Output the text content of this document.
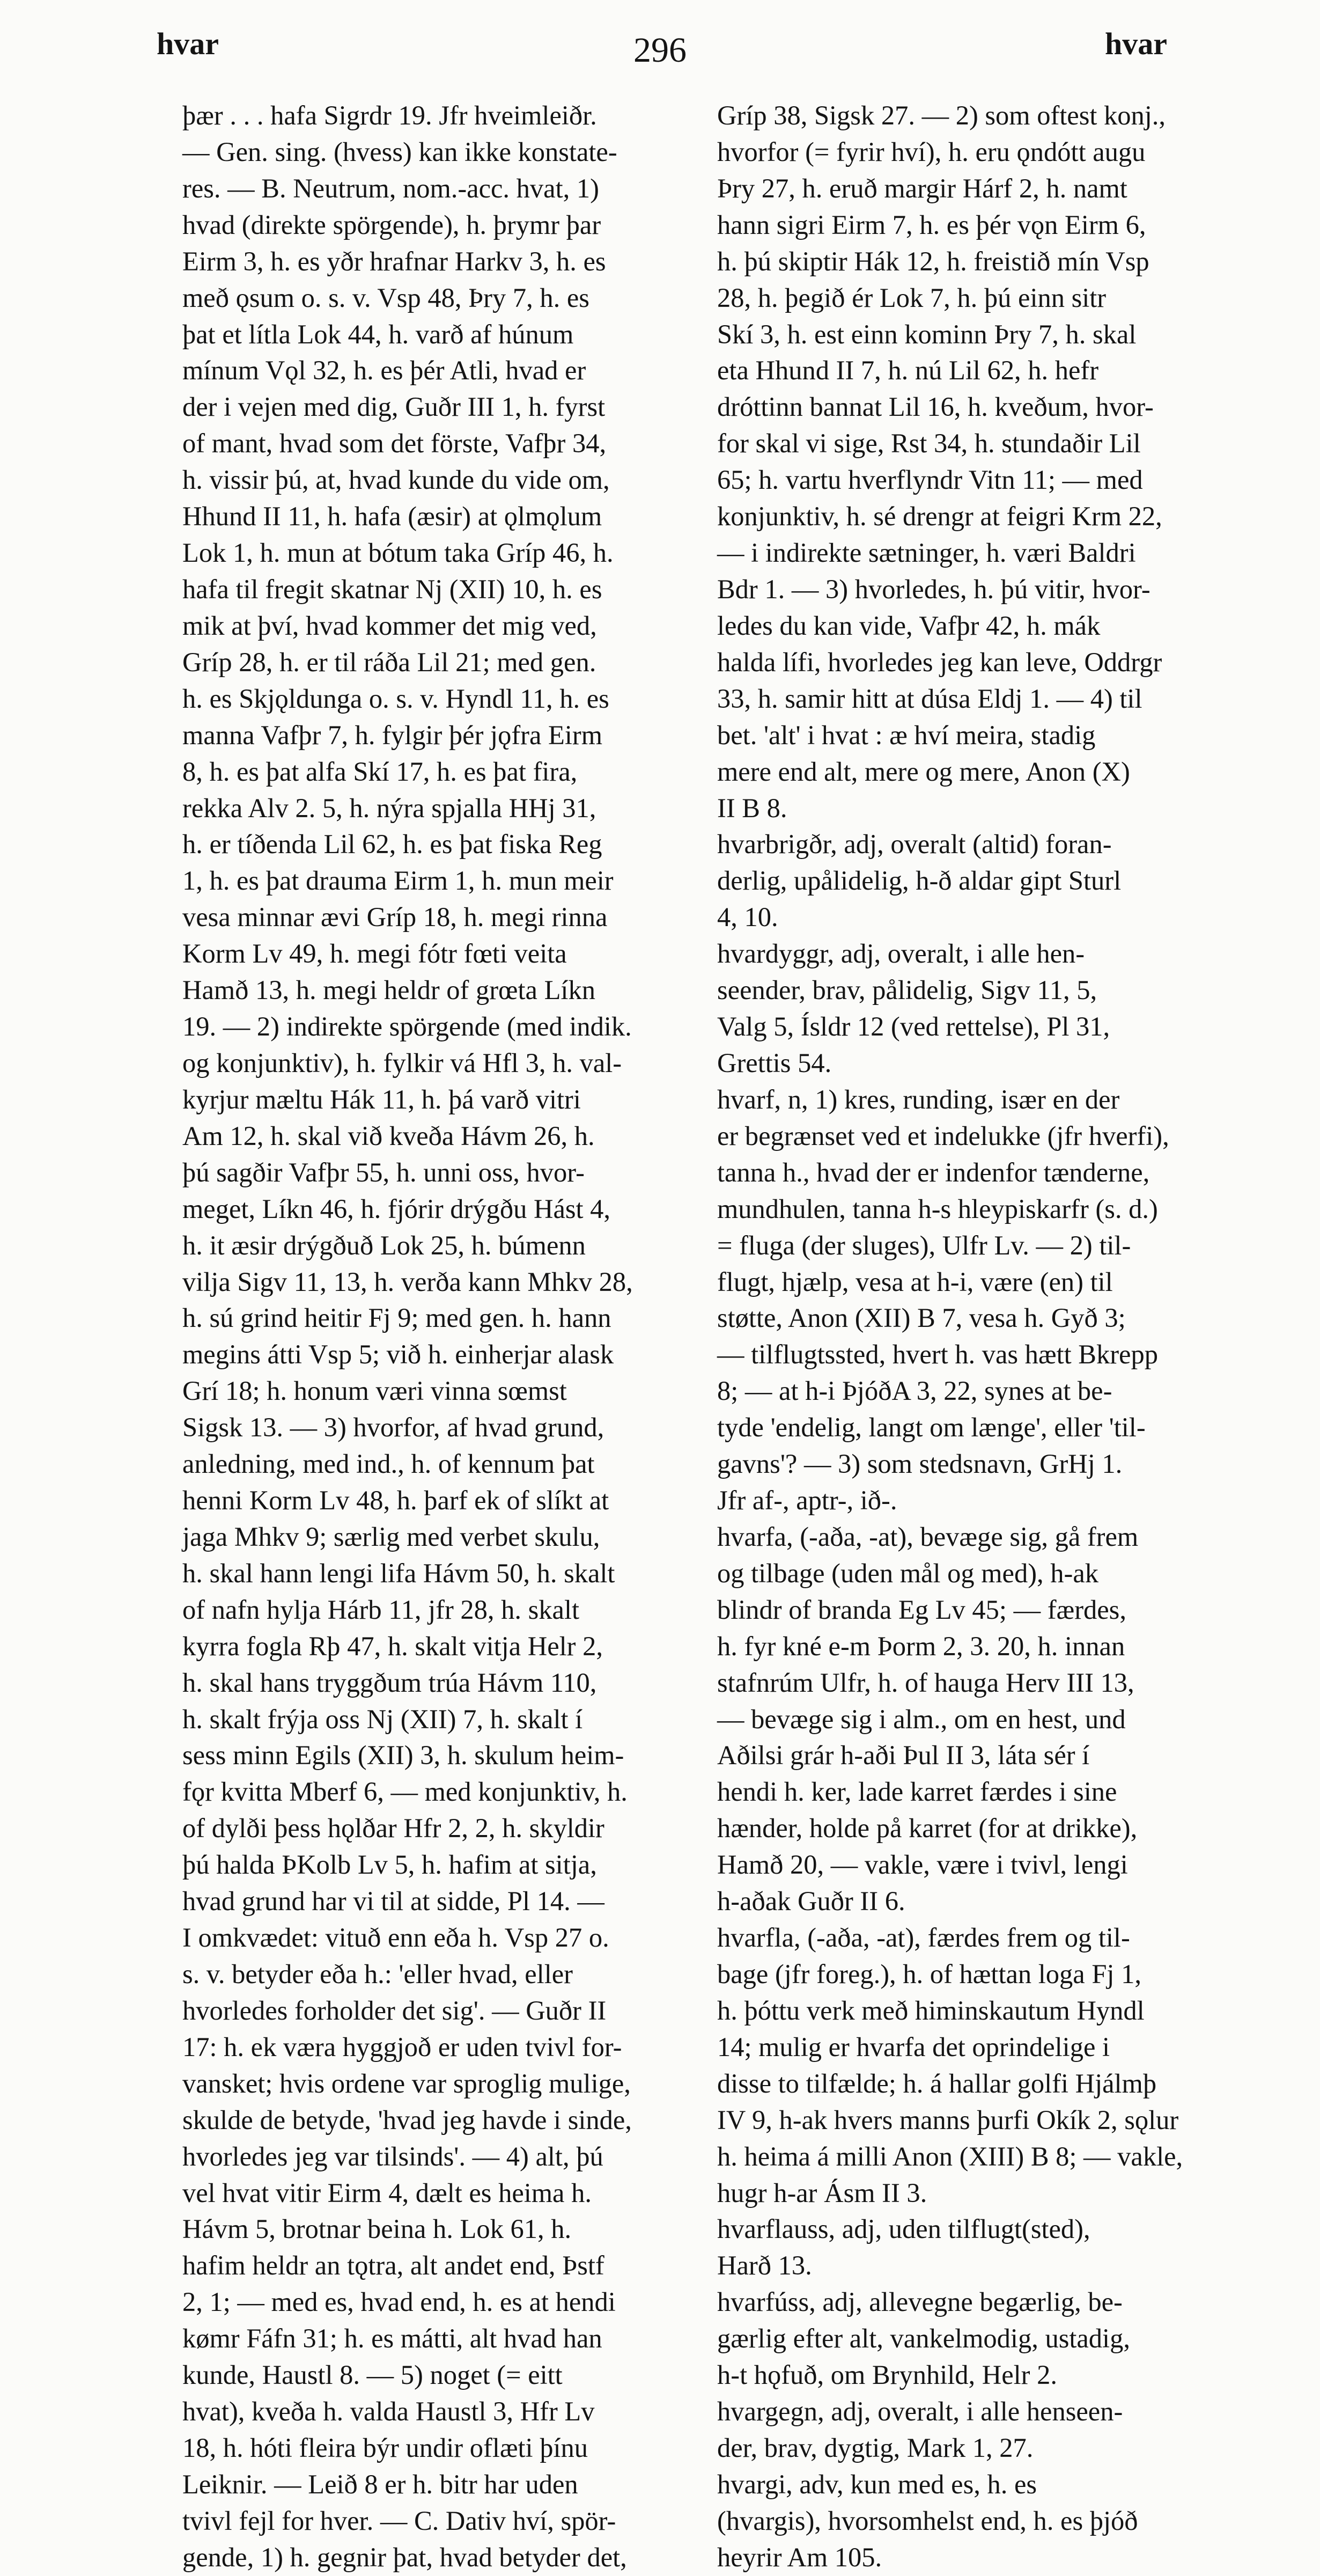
hvar	296	hvar
þær . . . hafa Sigrdr 19. Jfr hveimleiðr.
— Gen. sing. (hvess) kan ikke konstate-
res. — B. Neutrum, nom.-acc. hvat, 1)
hvad (direkte spörgende), h. þrymr þar
Eirm 3, h. es yðr hrafnar Harkv 3, h. es
með ǫsum o. s. v. Vsp 48, Þry 7, h. es
þat et lítla Lok 44, h. varð af húnum
mínum Vǫl 32, h. es þér Atli, hvad er
der i vejen med dig, Guðr III 1, h. fyrst
of mant, hvad som det förste, Vafþr 34,
h. vissir þú, at, hvad kunde du vide om,
Hhund II 11, h. hafa (æsir) at ǫlmǫlum
Lok 1, h. mun at bótum taka Gríp 46, h.
hafa til fregit skatnar Nj (XII) 10, h. es
mik at því, hvad kommer det mig ved,
Gríp 28, h. er til ráða Lil 21; med gen.
h. es Skjǫldunga o. s. v. Hyndl 11, h. es
manna Vafþr 7, h. fylgir þér jǫfra Eirm
8, h. es þat alfa Skí 17, h. es þat fira,
rekka Alv 2. 5, h. nýra spjalla HHj 31,
h. er tíðenda Lil 62, h. es þat fiska Reg
1, h. es þat drauma Eirm 1, h. mun meir
vesa minnar ævi Gríp 18, h. megi rinna
Korm Lv 49, h. megi fótr fœti veita
Hamð 13, h. megi heldr of grœta Líkn
19. — 2) indirekte spörgende (med indik.
og konjunktiv), h. fylkir vá Hfl 3, h. val-
kyrjur mæltu Hák 11, h. þá varð vitri
Am 12, h. skal við kveða Hávm 26, h.
þú sagðir Vafþr 55, h. unni oss, hvor-
meget, Líkn 46, h. fjórir drýgðu Hást 4,
h. it æsir drýgðuð Lok 25, h. búmenn
vilja Sigv 11, 13, h. verða kann Mhkv 28,
h. sú grind heitir Fj 9; med gen. h. hann
megins átti Vsp 5; við h. einherjar alask
Grí 18; h. honum væri vinna sœmst
Sigsk 13. — 3) hvorfor, af hvad grund,
anledning, med ind., h. of kennum þat
henni Korm Lv 48, h. þarf ek of slíkt at
jaga Mhkv 9; særlig med verbet skulu,
h. skal hann lengi lifa Hávm 50, h. skalt
of nafn hylja Hárb 11, jfr 28, h. skalt
kyrra fogla Rþ 47, h. skalt vitja Helr 2,
h. skal hans tryggðum trúa Hávm 110,
h. skalt frýja oss Nj (XII) 7, h. skalt í
sess minn Egils (XII) 3, h. skulum heim-
fǫr kvitta Mberf 6, — med konjunktiv, h.
of dylði þess hǫlðar Hfr 2, 2, h. skyldir
þú halda ÞKolb Lv 5, h. hafim at sitja,
hvad grund har vi til at sidde, Pl 14. —
I omkvædet: vituð enn eða h. Vsp 27 o.
s. v. betyder eða h.: 'eller hvad, eller
hvorledes forholder det sig'. — Guðr II
17: h. ek væra hyggjoð er uden tvivl for-
vansket; hvis ordene var sproglig mulige,
skulde de betyde, 'hvad jeg havde i sinde,
hvorledes jeg var tilsinds'. — 4) alt, þú
vel hvat vitir Eirm 4, dælt es heima h.
Hávm 5, brotnar beina h. Lok 61, h.
hafim heldr an tǫtra, alt andet end, Þstf
2, 1; — med es, hvad end, h. es at hendi
kømr Fáfn 31; h. es mátti, alt hvad han
kunde, Haustl 8. — 5) noget (= eitt
hvat), kveða h. valda Haustl 3, Hfr Lv
18, h. hóti fleira býr undir oflæti þínu
Leiknir. — Leið 8 er h. bitr har uden
tvivl fejl for hver. — C. Dativ hví, spör-
gende, 1) h. gegnir þat, hvad betyder det,
Gríp 38, Sigsk 27. — 2) som oftest konj.,
hvorfor (= fyrir hví), h. eru ǫndótt augu
Þry 27, h. eruð margir Hárf 2, h. namt
hann sigri Eirm 7, h. es þér vǫn Eirm 6,
h. þú skiptir Hák 12, h. freistið mín Vsp
28, h. þegið ér Lok 7, h. þú einn sitr
Skí 3, h. est einn kominn Þry 7, h. skal
eta Hhund II 7, h. nú Lil 62, h. hefr
dróttinn bannat Lil 16, h. kveðum, hvor-
for skal vi sige, Rst 34, h. stundaðir Lil
65; h. vartu hverflyndr Vitn 11; — med
konjunktiv, h. sé drengr at feigri Krm 22,
— i indirekte sætninger, h. væri Baldri
Bdr 1. — 3) hvorledes, h. þú vitir, hvor-
ledes du kan vide, Vafþr 42, h. mák
halda lífi, hvorledes jeg kan leve, Oddrgr
33, h. samir hitt at dúsa Eldj 1. — 4) til
bet. 'alt' i hvat : æ hví meira, stadig
mere end alt, mere og mere, Anon (X)
II B 8.
hvarbrigðr, adj, overalt (altid) foran-
derlig, upålidelig, h-ð aldar gipt Sturl
4, 10.
hvardyggr, adj, overalt, i alle hen-
seender, brav, pålidelig, Sigv 11, 5,
Valg 5, Ísldr 12 (ved rettelse), Pl 31,
Grettis 54.
hvarf, n, 1) kres, runding, især en der
er begrænset ved et indelukke (jfr hverfi),
tanna h., hvad der er indenfor tænderne,
mundhulen, tanna h-s hleypiskarfr (s. d.)
= fluga (der sluges), Ulfr Lv. — 2) til-
flugt, hjælp, vesa at h-i, være (en) til
støtte, Anon (XII) B 7, vesa h. Gyð 3;
— tilflugtssted, hvert h. vas hætt Bkrepp
8; — at h-i ÞjóðA 3, 22, synes at be-
tyde 'endelig, langt om længe', eller 'til-
gavns'? — 3) som stedsnavn, GrHj 1.
Jfr af-, aptr-, ið-.
hvarfa, (-aða, -at), bevæge sig, gå frem
og tilbage (uden mål og med), h-ak
blindr of branda Eg Lv 45; — færdes,
h. fyr kné e-m Þorm 2, 3. 20, h. innan
stafnrúm Ulfr, h. of hauga Herv III 13,
— bevæge sig i alm., om en hest, und
Aðilsi grár h-aði Þul II 3, láta sér í
hendi h. ker, lade karret færdes i sine
hænder, holde på karret (for at drikke),
Hamð 20, — vakle, være i tvivl, lengi
h-aðak Guðr II 6.
hvarfla, (-aða, -at), færdes frem og til-
bage (jfr foreg.), h. of hættan loga Fj 1,
h. þóttu verk með himinskautum Hyndl
14; mulig er hvarfa det oprindelige i
disse to tilfælde; h. á hallar golfi Hjálmþ
IV 9, h-ak hvers manns þurfi Okík 2, sǫlur
h. heima á milli Anon (XIII) B 8; — vakle,
hugr h-ar Ásm II 3.
hvarflauss, adj, uden tilflugt(sted),
Harð 13.
hvarfúss, adj, allevegne begærlig, be-
gærlig efter alt, vankelmodig, ustadig,
h-t hǫfuð, om Brynhild, Helr 2.
hvargegn, adj, overalt, i alle henseen-
der, brav, dygtig, Mark 1, 27.
hvargi, adv, kun med es, h. es
(hvargis), hvorsomhelst end, h. es þjóð
heyrir Am 105.
